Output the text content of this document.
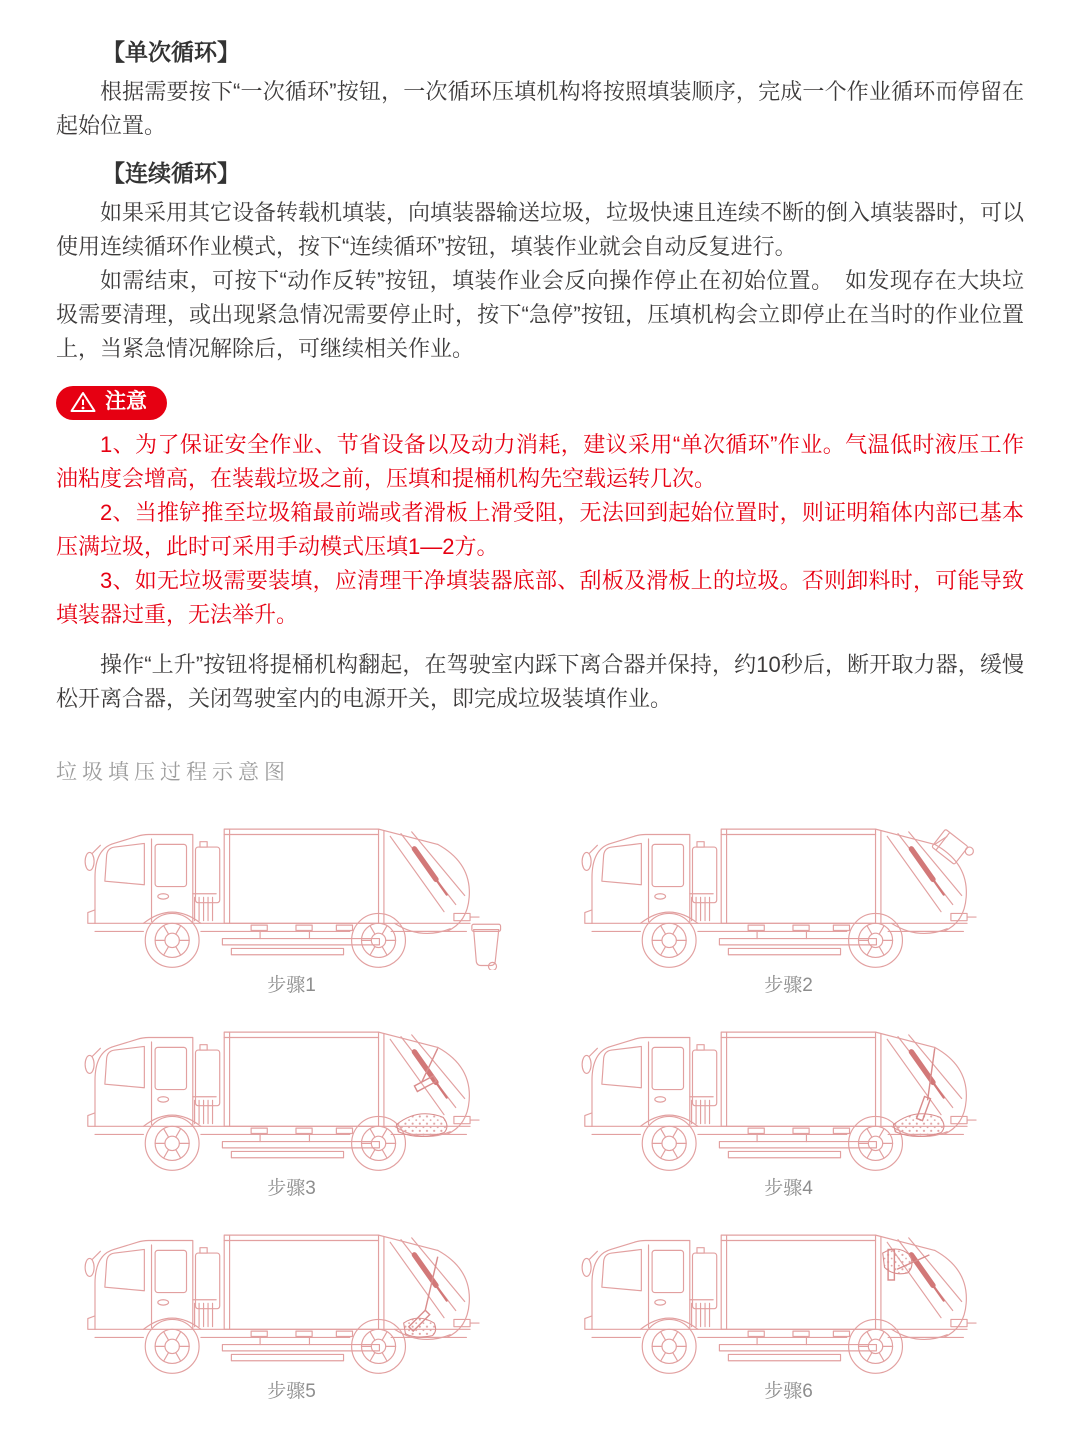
【单次循环】

根据需要按下“一次循环”按钮，一次循环压填机构将按照填装顺序，完成一个作业循环而停留在起始位置。

【连续循环】

如果采用其它设备转载机填装，向填装器输送垃圾，垃圾快速且连续不断的倒入填装器时，可以使用连续循环作业模式，按下“连续循环”按钮，填装作业就会自动反复进行。

如需结束，可按下“动作反转”按钮，填装作业会反向操作停止在初始位置。　如发现存在大块垃圾需要清理，或出现紧急情况需要停止时，按下“急停”按钮，压填机构会立即停止在当时的作业位置上，当紧急情况解除后，可继续相关作业。

注意

1、为了保证安全作业、节省设备以及动力消耗，建议采用“单次循环”作业。气温低时液压工作油粘度会增高，在装载垃圾之前，压填和提桶机构先空载运转几次。

2、当推铲推至垃圾箱最前端或者滑板上滑受阻，无法回到起始位置时，则证明箱体内部已基本压满垃圾，此时可采用手动模式压填1—2方。

3、如无垃圾需要装填，应清理干净填装器底部、刮板及滑板上的垃圾。否则卸料时，可能导致填装器过重，无法举升。

操作“上升”按钮将提桶机构翻起，在驾驶室内踩下离合器并保持，约10秒后，断开取力器，缓慢松开离合器，关闭驾驶室内的电源开关，即完成垃圾装填作业。

垃圾填压过程示意图
步骤1	步骤2
步骤3	步骤4
步骤5	步骤6
